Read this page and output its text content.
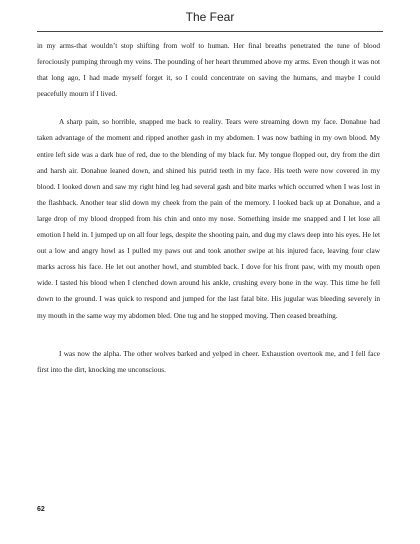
The Fear

in my arms-that wouldn’t stop shifting from wolf to human. Her final breaths penetrated the tune of blood ferociously pumping through my veins. The pounding of her heart thrummed above my arms. Even though it was not that long ago, I had made myself forget it, so I could concentrate on saving the humans, and maybe I could peacefully mourn if I lived.

A sharp pain, so horrible, snapped me back to reality. Tears were streaming down my face. Donahue had taken advantage of the moment and ripped another gash in my abdomen. I was now bathing in my own blood. My entire left side was a dark hue of red, due to the blending of my black fur. My tongue flopped out, dry from the dirt and harsh air. Donahue leaned down, and shined his putrid teeth in my face. His teeth were now covered in my blood. I looked down and saw my right hind leg had several gash and bite marks which occurred when I was lost in the flashback. Another tear slid down my cheek from the pain of the memory. I looked back up at Donahue, and a large drop of my blood dropped from his chin and onto my nose. Something inside me snapped and I let lose all emotion I held in. I jumped up on all four legs, despite the shooting pain, and dug my claws deep into his eyes. He let out a low and angry howl as I pulled my paws out and took another swipe at his injured face, leaving four claw marks across his face. He let out another howl, and stumbled back. I dove for his front paw, with my mouth open wide. I tasted his blood when I clenched down around his ankle, crushing every bone in the way. This time he fell down to the ground. I was quick to respond and jumped for the last fatal bite. His jugular was bleeding severely in my mouth in the same way my abdomen bled. One tug and he stopped moving. Then ceased breathing.

I was now the alpha. The other wolves barked and yelped in cheer. Exhaustion overtook me, and I fell face first into the dirt, knocking me unconscious.

62
